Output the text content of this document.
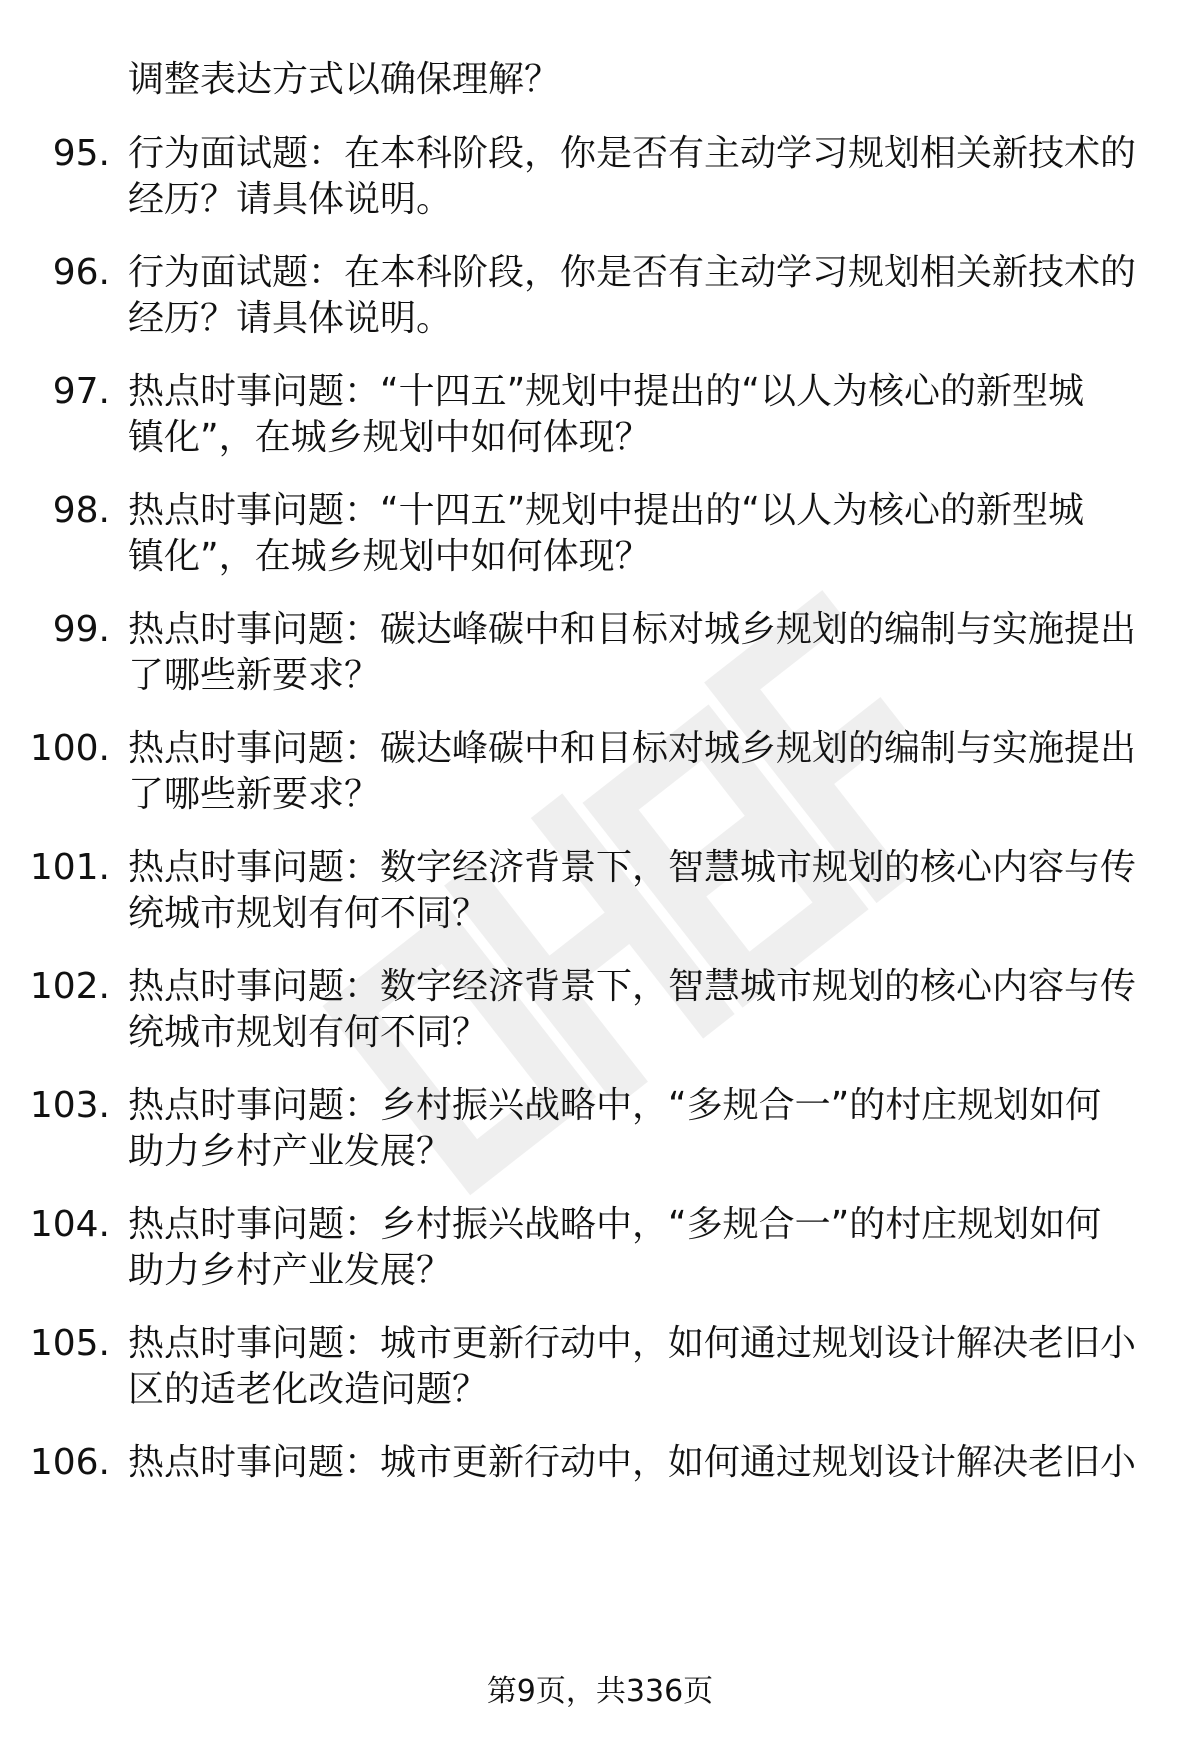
调整表达方式以确保理解？
95. 行为面试题：在本科阶段，你是否有主动学习规划相关新技术的
经历？请具体说明。
96. 行为面试题：在本科阶段，你是否有主动学习规划相关新技术的
经历？请具体说明。
97. 热点时事问题：“十四五”规划中提出的“以人为核心的新型城
镇化”，在城乡规划中如何体现？
98. 热点时事问题：“十四五”规划中提出的“以人为核心的新型城
镇化”，在城乡规划中如何体现？
99. 热点时事问题：碳达峰碳中和目标对城乡规划的编制与实施提出
了哪些新要求？
100. 热点时事问题：碳达峰碳中和目标对城乡规划的编制与实施提出
了哪些新要求？
101. 热点时事问题：数字经济背景下，智慧城市规划的核心内容与传
统城市规划有何不同？
102. 热点时事问题：数字经济背景下，智慧城市规划的核心内容与传
统城市规划有何不同？
103. 热点时事问题：乡村振兴战略中，“多规合一”的村庄规划如何
助力乡村产业发展？
104. 热点时事问题：乡村振兴战略中，“多规合一”的村庄规划如何
助力乡村产业发展？
105. 热点时事问题：城市更新行动中，如何通过规划设计解决老旧小
区的适老化改造问题？
106. 热点时事问题：城市更新行动中，如何通过规划设计解决老旧小
第9页，共336页
